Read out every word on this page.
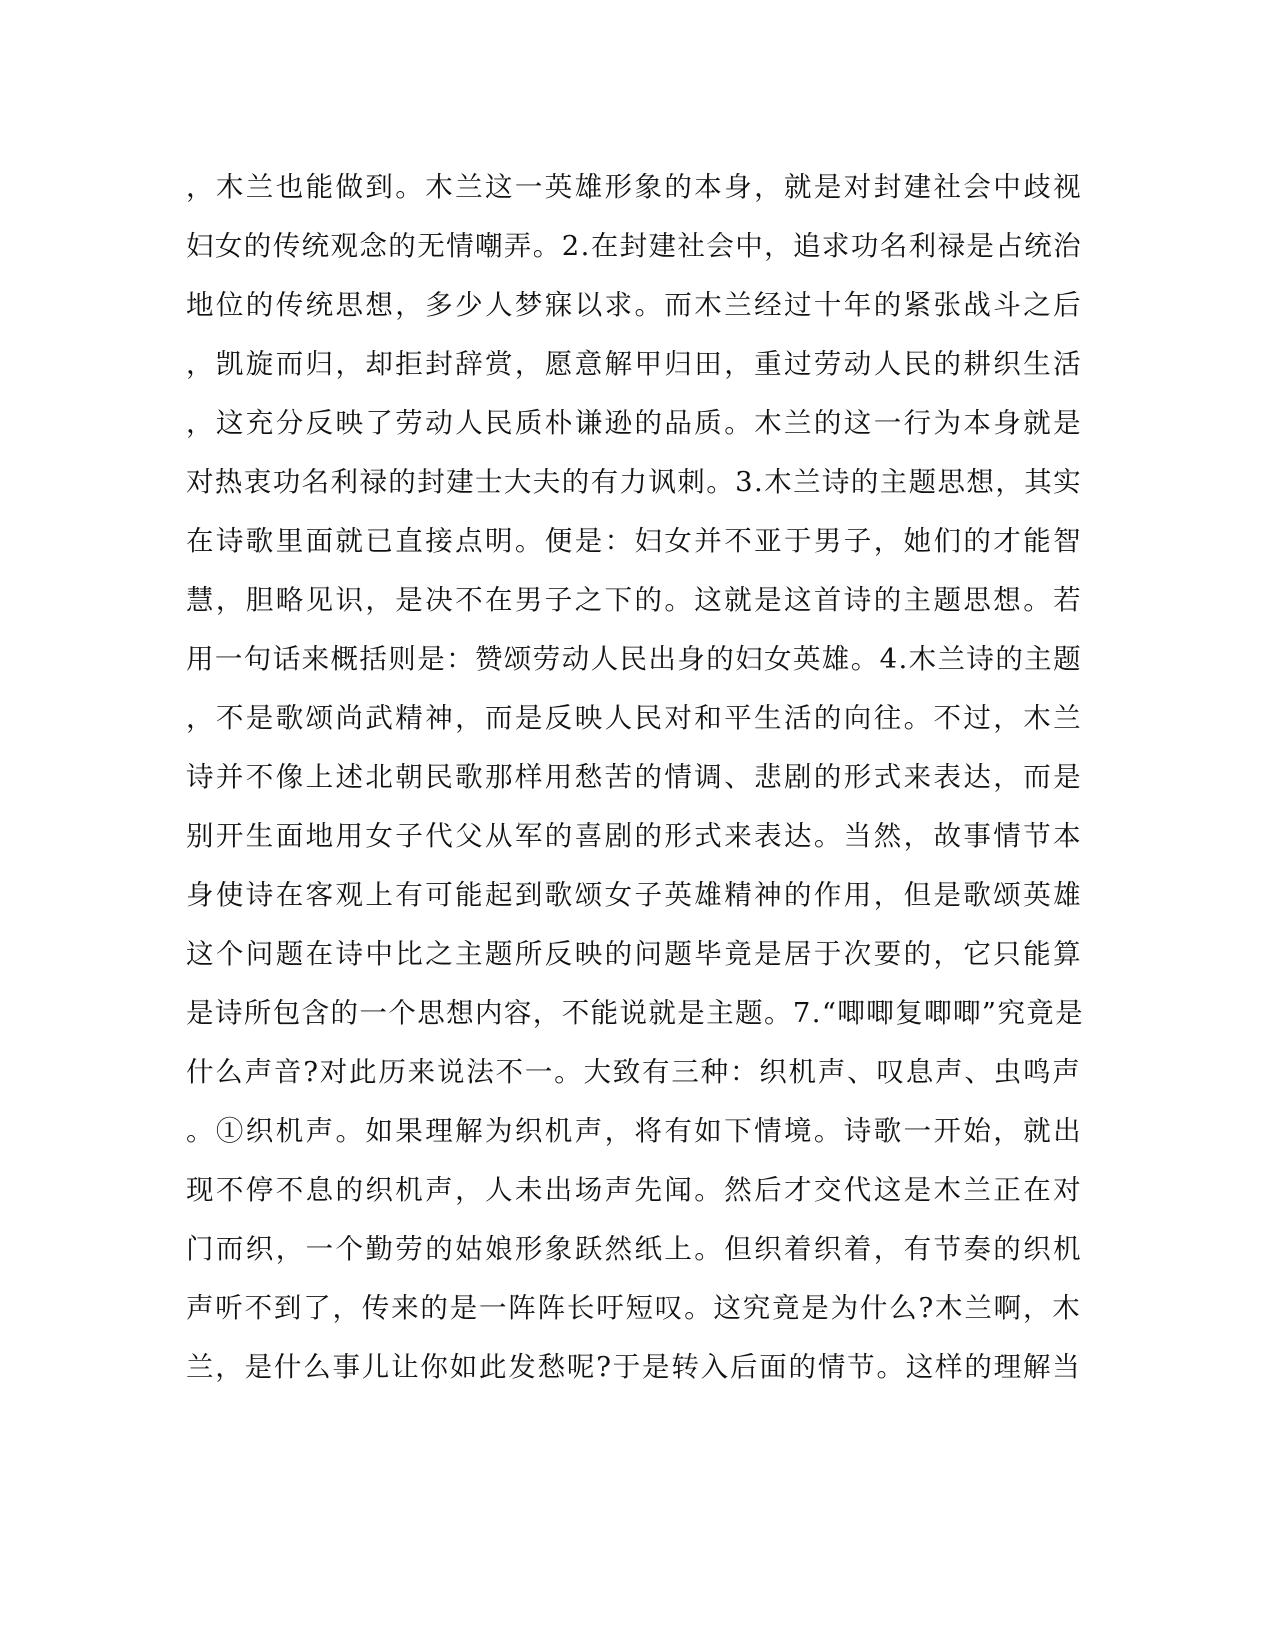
，木兰也能做到。木兰这一英雄形象的本身，就是对封建社会中歧视
妇女的传统观念的无情嘲弄。2.在封建社会中，追求功名利禄是占统治
地位的传统思想，多少人梦寐以求。而木兰经过十年的紧张战斗之后
，凯旋而归，却拒封辞赏，愿意解甲归田，重过劳动人民的耕织生活
，这充分反映了劳动人民质朴谦逊的品质。木兰的这一行为本身就是
对热衷功名利禄的封建士大夫的有力讽刺。3.木兰诗的主题思想，其实
在诗歌里面就已直接点明。便是：妇女并不亚于男子，她们的才能智
慧，胆略见识，是决不在男子之下的。这就是这首诗的主题思想。若
用一句话来概括则是：赞颂劳动人民出身的妇女英雄。4.木兰诗的主题
，不是歌颂尚武精神，而是反映人民对和平生活的向往。不过，木兰
诗并不像上述北朝民歌那样用愁苦的情调、悲剧的形式来表达，而是
别开生面地用女子代父从军的喜剧的形式来表达。当然，故事情节本
身使诗在客观上有可能起到歌颂女子英雄精神的作用，但是歌颂英雄
这个问题在诗中比之主题所反映的问题毕竟是居于次要的，它只能算
是诗所包含的一个思想内容，不能说就是主题。7.“唧唧复唧唧”究竟是
什么声音?对此历来说法不一。大致有三种：织机声、叹息声、虫鸣声
。①织机声。如果理解为织机声，将有如下情境。诗歌一开始，就出
现不停不息的织机声，人未出场声先闻。然后才交代这是木兰正在对
门而织，一个勤劳的姑娘形象跃然纸上。但织着织着，有节奏的织机
声听不到了，传来的是一阵阵长吁短叹。这究竟是为什么?木兰啊，木
兰，是什么事儿让你如此发愁呢?于是转入后面的情节。这样的理解当
